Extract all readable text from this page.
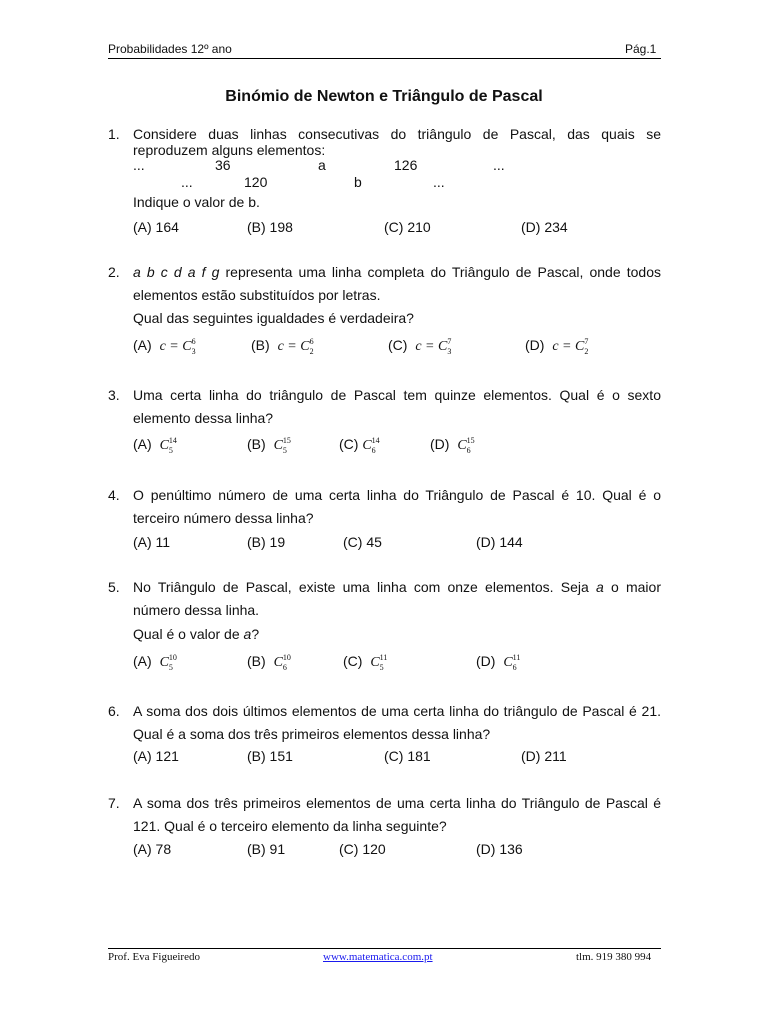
Probabilidades 12º ano	Pág.1
Binómio de Newton e Triângulo de Pascal
1. Considere duas linhas consecutivas do triângulo de Pascal, das quais se reproduzem alguns elementos:
...	36	a	126	...
...	120	b	...
Indique o valor de b.
(A) 164	(B) 198	(C) 210	(D) 234
2. a b c d a f g representa uma linha completa do Triângulo de Pascal, onde todos elementos estão substituídos por letras.
Qual das seguintes igualdades é verdadeira?
(A) c = C 6
3	(B) c = C 6
2	(C) c = C 7
3	(D) c = C 7
2
3. Uma certa linha do triângulo de Pascal tem quinze elementos. Qual é o sexto elemento dessa linha?
(A) C 14
5	(B) C 15
5	(C) C 14
6	(D) C 15
6
4. O penúltimo número de uma certa linha do Triângulo de Pascal é 10. Qual é o terceiro número dessa linha?
(A) 11	(B) 19	(C) 45	(D) 144
5. No Triângulo de Pascal, existe uma linha com onze elementos. Seja a o maior número dessa linha.
Qual é o valor de a?
(A) C 10
5	(B) C 10
6	(C) C 11
5	(D) C 11
6
6. A soma dos dois últimos elementos de uma certa linha do triângulo de Pascal é 21. Qual é a soma dos três primeiros elementos dessa linha?
(A) 121	(B) 151	(C) 181	(D) 211
7. A soma dos três primeiros elementos de uma certa linha do Triângulo de Pascal é 121. Qual é o terceiro elemento da linha seguinte?
(A) 78	(B) 91	(C) 120	(D) 136
Prof. Eva Figueiredo	www.matematica.com.pt	tlm. 919 380 994
